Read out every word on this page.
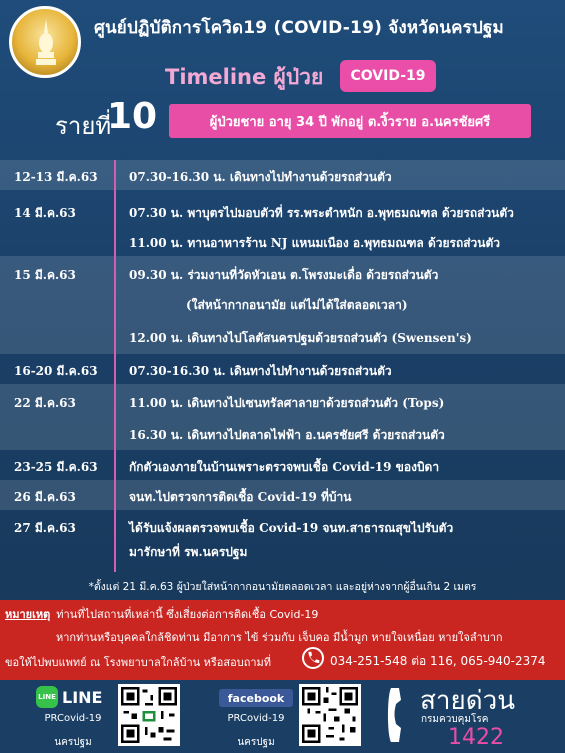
ศูนย์ปฏิบัติการโควิด19 (COVID-19) จังหวัดนครปฐม
Timeline ผู้ป่วย	COVID-19
รายที่
10	ผู้ป่วยชาย อายุ 34 ปี พักอยู่ ต.งิ้วราย อ.นครชัยศรี
12-13 มี.ค.63	07.30-16.30 น. เดินทางไปทำงานด้วยรถส่วนตัว
14 มี.ค.63	07.30 น. พาบุตรไปมอบตัวที่ รร.พระตำหนัก อ.พุทธมณฑล ด้วยรถส่วนตัว
11.00 น. ทานอาหารร้าน NJ แหนมเนือง อ.พุทธมณฑล ด้วยรถส่วนตัว
15 มี.ค.63	09.30 น. ร่วมงานที่วัดหัวเอน ต.โพรงมะเดื่อ ด้วยรถส่วนตัว
(ใส่หน้ากากอนามัย แต่ไม่ได้ใส่ตลอดเวลา)
12.00 น. เดินทางไปโลตัสนครปฐมด้วยรถส่วนตัว (Swensen's)
16-20 มี.ค.63	07.30-16.30 น. เดินทางไปทำงานด้วยรถส่วนตัว
22 มี.ค.63	11.00 น. เดินทางไปเซนทรัลศาลายาด้วยรถส่วนตัว (Tops)
16.30 น. เดินทางไปตลาดไฟฟ้า อ.นครชัยศรี ด้วยรถส่วนตัว
23-25 มี.ค.63	กักตัวเองภายในบ้านเพราะตรวจพบเชื้อ Covid-19 ของบิดา
26 มี.ค.63	จนท.ไปตรวจการติดเชื้อ Covid-19 ที่บ้าน
27 มี.ค.63	ได้รับแจ้งผลตรวจพบเชื้อ Covid-19 จนท.สาธารณสุขไปรับตัว
มารักษาที่ รพ.นครปฐม
*ตั้งแต่ 21 มี.ค.63 ผู้ป่วยใส่หน้ากากอนามัยตลอดเวลา และอยู่ห่างจากผู้อื่นเกิน 2 เมตร
หมายเหตุ ท่านที่ไปสถานที่เหล่านี้ ซึ่งเสี่ยงต่อการติดเชื้อ Covid-19
หากท่านหรือบุคคลใกล้ชิดท่าน มีอาการ ไข้ ร่วมกับ เจ็บคอ มีน้ำมูก หายใจเหนื่อย หายใจลำบาก
ขอให้ไปพบแพทย์ ณ โรงพยาบาลใกล้บ้าน หรือสอบถามที่	034-251-548 ต่อ 116, 065-940-2374
LINE LINE
PRCovid-19
นครปฐม
facebook
PRCovid-19
นครปฐม
สายด่วน
กรมควบคุมโรค
1422
